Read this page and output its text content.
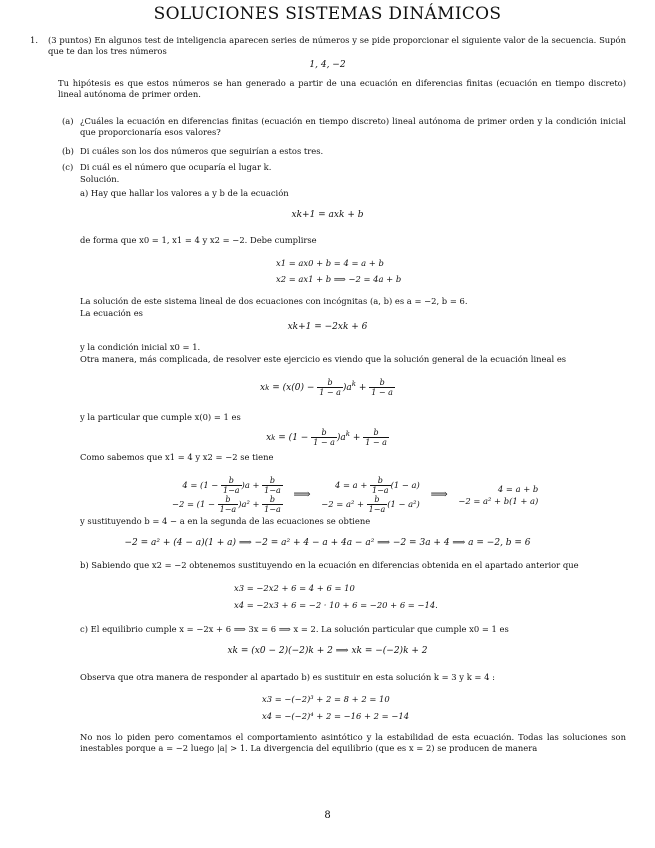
SOLUCIONES SISTEMAS DINÁMICOS
1. (3 puntos) En algunos test de inteligencia aparecen series de números y se pide proporcionar el siguiente valor de la secuencia. Supón que te dan los tres números
1, 4, −2
Tu hipótesis es que estos números se han generado a partir de una ecuación en diferencias finitas (ecuación en tiempo discreto) lineal autónoma de primer orden.
(a) ¿Cuáles la ecuación en diferencias finitas (ecuación en tiempo discreto) lineal autónoma de primer orden y la condición inicial que proporcionaría esos valores?
(b) Di cuáles son los dos números que seguirían a estos tres.
(c) Di cuál es el número que ocuparía el lugar k.
Solución.
a) Hay que hallar los valores a y b de la ecuación
xk+1 = axk + b
de forma que x0 = 1, x1 = 4 y x2 = −2. Debe cumplirse
x1 = ax0 + b = 4 = a + b
x2 = ax1 + b ⟹ −2 = 4a + b
La solución de este sistema lineal de dos ecuaciones con incógnitas (a, b) es a = −2, b = 6.
La ecuación es
xk+1 = −2xk + 6
y la condición inicial x0 = 1.
Otra manera, más complicada, de resolver este ejercicio es viendo que la solución general de la ecuación lineal es
xk = $(x(0) - \frac{b}{1 - a} )a^k + \frac{b}{1 - a}$
y la particular que cumple x(0) = 1 es
xk = $(1 - \frac{b}{1 - a} )a^k + \frac{b}{1 - a}$
Como sabemos que x1 = 4 y x2 = −2 se tiene
$4 = (1 - \frac{b}{1-a} )a + \frac{b}{1-a}$

$-2 = (1 - \frac{b}{1-a} )a^2 + \frac{b}{1-a}$
⟹ $4 = a + \frac{b}{1-a} (1 - a)$
$-2 = a^2 + \frac{b}{1-a} (1 - a^2)$ ⟹	4 = a + b
−2 = a² + b(1 + a)
y sustituyendo b = 4 − a en la segunda de las ecuaciones se obtiene
−2 = a² + (4 − a)(1 + a) ⟹ −2 = a² + 4 − a + 4a − a² ⟹ −2 = 3a + 4 ⟹ a = −2, b = 6
b) Sabiendo que x2 = −2 obtenemos sustituyendo en la ecuación en diferencias obtenida en el apartado anterior que
x3 = −2x2 + 6 = 4 + 6 = 10
x4 = −2x3 + 6 = −2 · 10 + 6 = −20 + 6 = −14.
c) El equilibrio cumple x = −2x + 6 ⟹ 3x = 6 ⟹ x = 2. La solución particular que cumple x0 = 1 es
xk = (x0 − 2)(−2)k + 2 ⟹ xk = −(−2)k + 2
Observa que otra manera de responder al apartado b) es sustituir en esta solución k = 3 y k = 4 :
x3 = −(−2)³ + 2 = 8 + 2 = 10
x4 = −(−2)⁴ + 2 = −16 + 2 = −14
No nos lo piden pero comentamos el comportamiento asintótico y la estabilidad de esta ecuación. Todas las soluciones son inestables porque a = −2 luego |a| > 1. La divergencia del equilibrio (que es x = 2) se producen de manera
8
